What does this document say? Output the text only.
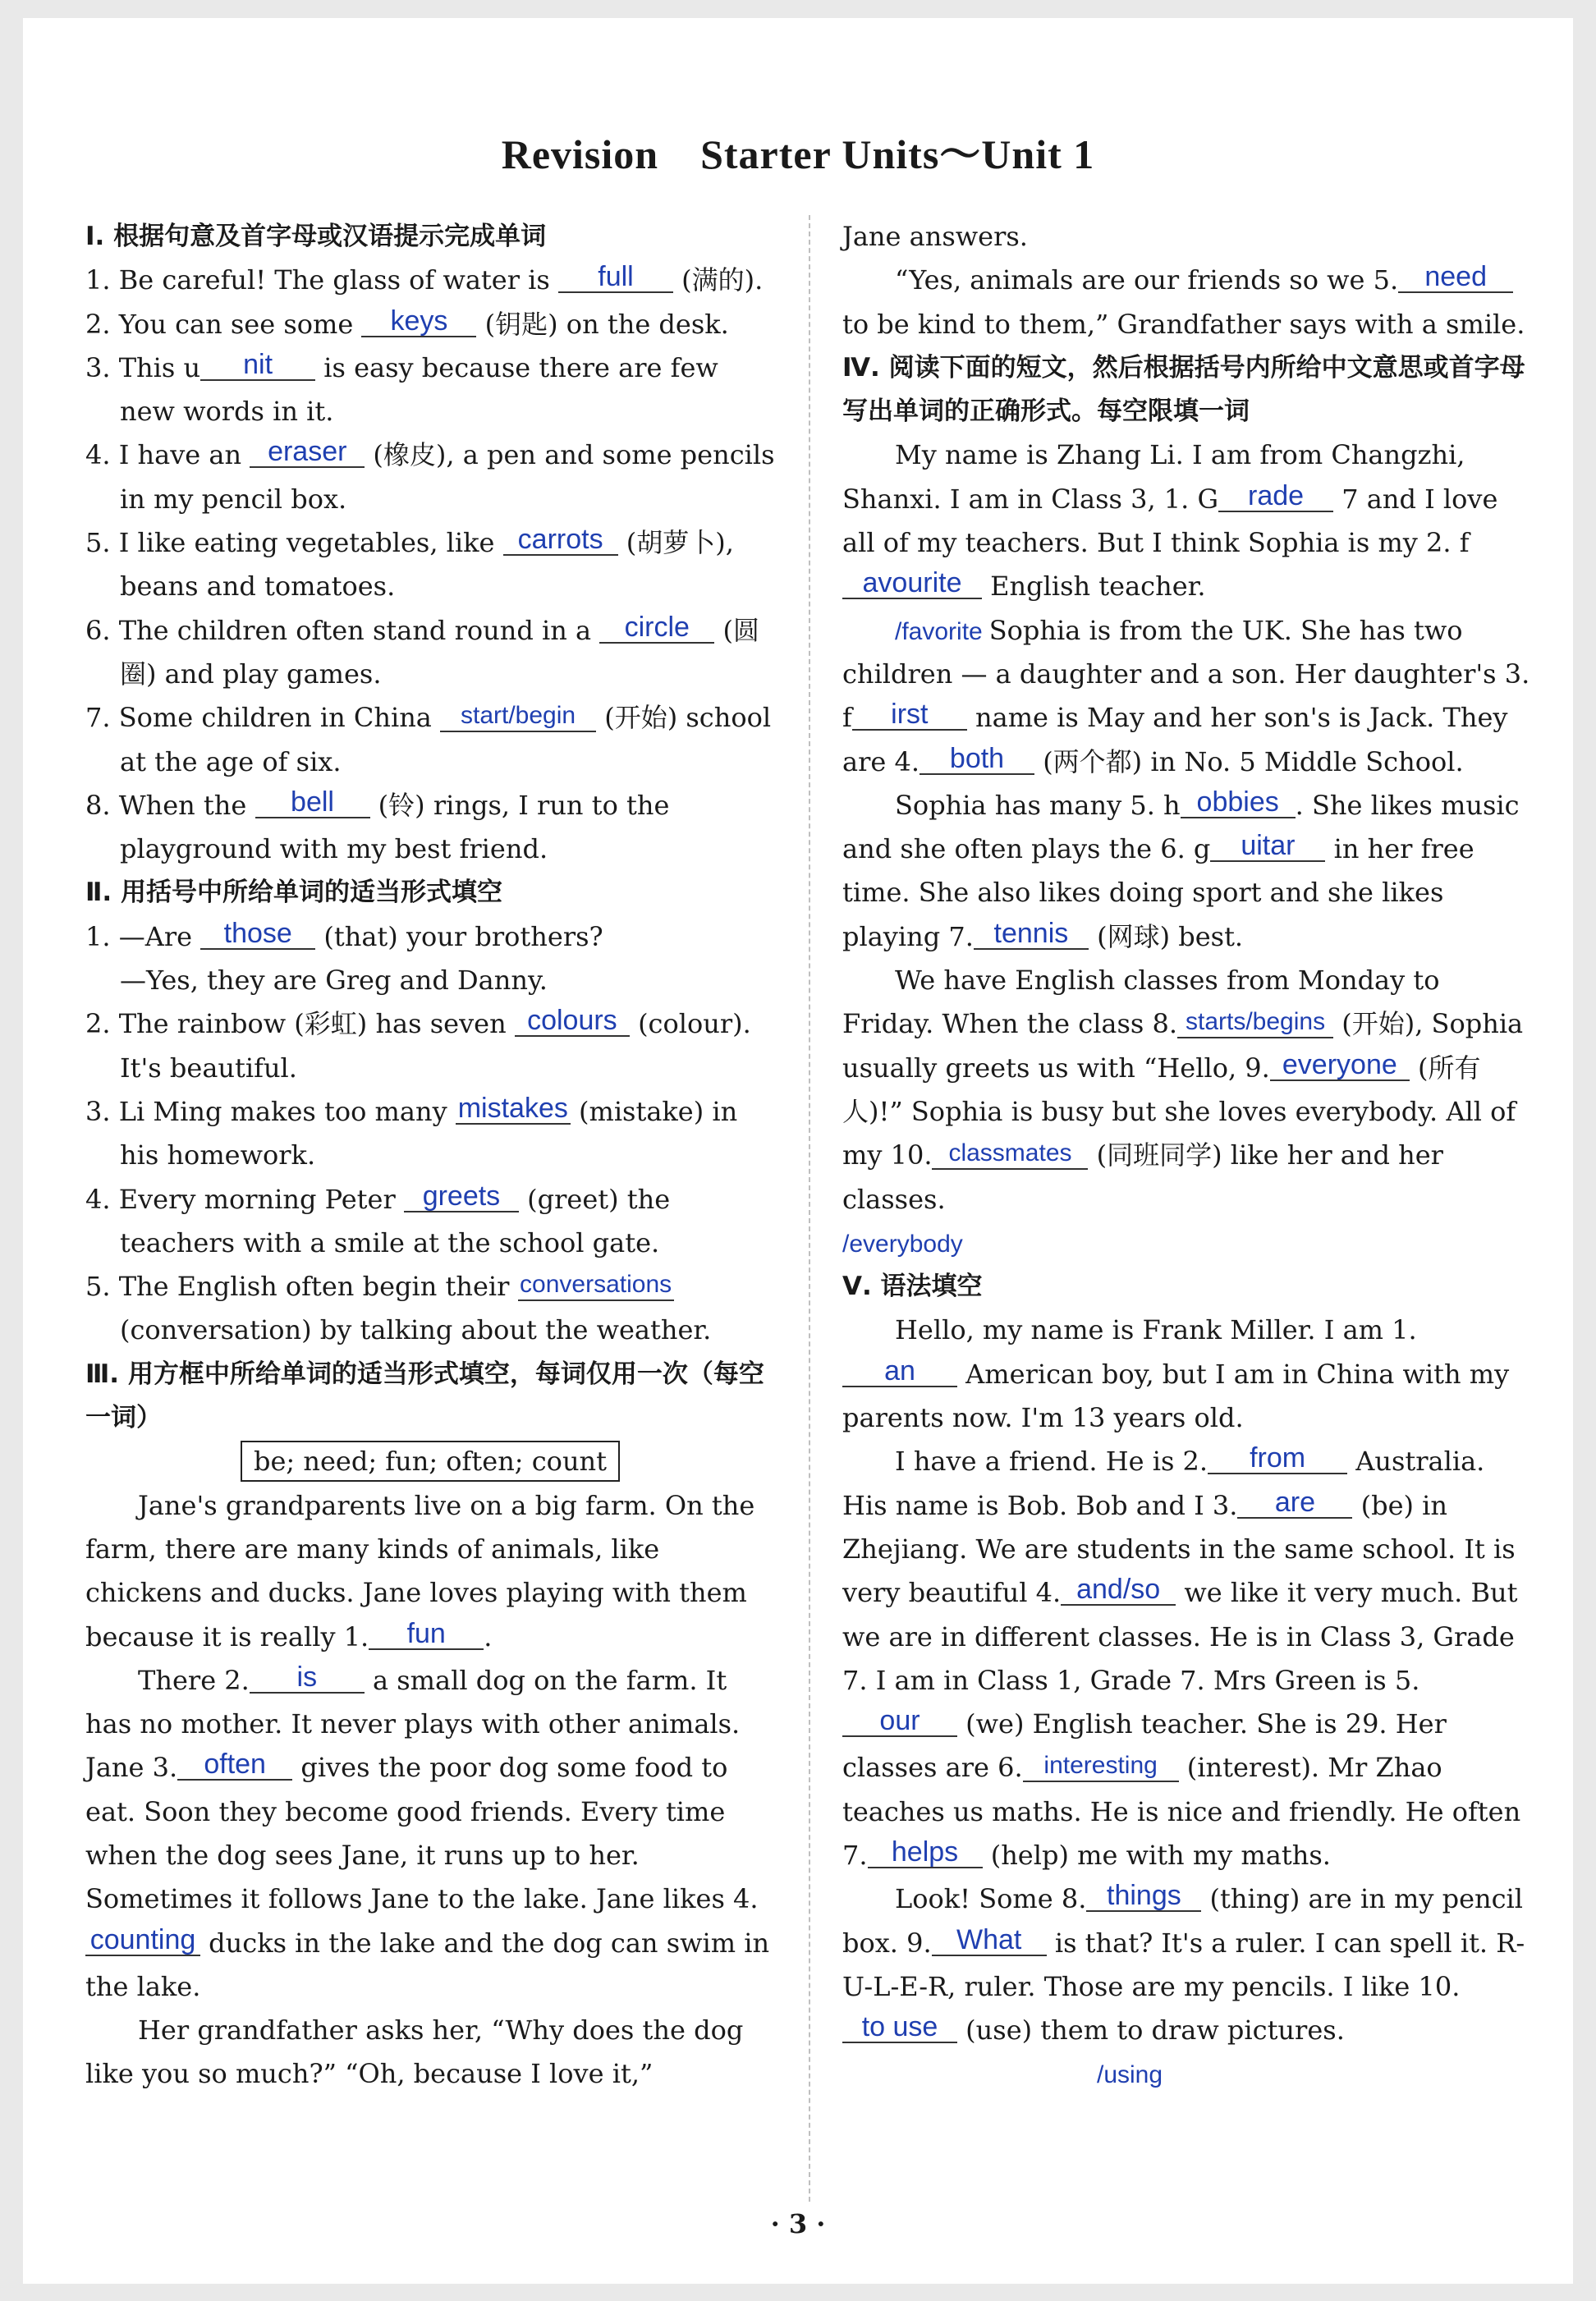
Revision　Starter Units～Unit 1

Ⅰ. 根据句意及首字母或汉语提示完成单词

1. Be careful! The glass of water is full (满的).

2. You can see some keys (钥匙) on the desk.

3. This u nit is easy because there are few new words in it.

4. I have an eraser (橡皮), a pen and some pencils in my pencil box.

5. I like eating vegetables, like carrots (胡萝卜), beans and tomatoes.

6. The children often stand round in a circle (圆圈) and play games.

7. Some children in China start/begin (开始) school at the age of six.

8. When the bell (铃) rings, I run to the playground with my best friend.

Ⅱ. 用括号中所给单词的适当形式填空

1. —Are those (that) your brothers?

—Yes, they are Greg and Danny.

2. The rainbow (彩虹) has seven colours (colour). It's beautiful.

3. Li Ming makes too many mistakes (mistake) in his homework.

4. Every morning Peter greets (greet) the teachers with a smile at the school gate.

5. The English often begin their conversations (conversation) by talking about the weather.

Ⅲ. 用方框中所给单词的适当形式填空，每词仅用一次（每空一词）

be; need; fun; often; count

Jane's grandparents live on a big farm. On the farm, there are many kinds of animals, like chickens and ducks. Jane loves playing with them because it is really 1. fun .

There 2. is a small dog on the farm. It has no mother. It never plays with other animals. Jane 3. often gives the poor dog some food to eat. Soon they become good friends. Every time when the dog sees Jane, it runs up to her. Sometimes it follows Jane to the lake. Jane likes 4.counting ducks in the lake and the dog can swim in the lake.

Her grandfather asks her, “Why does the dog like you so much?” “Oh, because I love it,”

Jane answers.

“Yes, animals are our friends so we 5. need to be kind to them,” Grandfather says with a smile.

Ⅳ. 阅读下面的短文，然后根据括号内所给中文意思或首字母写出单词的正确形式。每空限填一词

My name is Zhang Li. I am from Changzhi, Shanxi. I am in Class 3, 1. G rade 7 and I love all of my teachers. But I think Sophia is my 2. favourite English teacher.

/favorite Sophia is from the UK. She has two children — a daughter and a son. Her daughter's 3. f irst name is May and her son's is Jack. They are 4. both (两个都) in No. 5 Middle School.

Sophia has many 5. h obbies . She likes music and she often plays the 6. g uitar in her free time. She also likes doing sport and she likes playing 7. tennis (网球) best.

We have English classes from Monday to Friday. When the class 8. starts/begins (开始), Sophia usually greets us with “Hello, 9. everyone (所有人)!” Sophia is busy but she loves everybody. All of my 10. classmates (同班同学) like her and her classes.

/everybody

Ⅴ. 语法填空

Hello, my name is Frank Miller. I am 1.an American boy, but I am in China with my parents now. I'm 13 years old.

I have a friend. He is 2. from Australia. His name is Bob. Bob and I 3. are (be) in Zhejiang. We are students in the same school. It is very beautiful 4. and/so we like it very much. But we are in different classes. He is in Class 3, Grade 7. I am in Class 1, Grade 7. Mrs Green is 5.our (we) English teacher. She is 29. Her classes are 6. interesting (interest). Mr Zhao teaches us maths. He is nice and friendly. He often 7. helps (help) me with my maths.

Look! Some 8. things (thing) are in my pencil box. 9. What is that? It's a ruler. I can spell it. R-U-L-E-R, ruler. Those are my pencils. I like 10.to use (use) them to draw pictures.

/using

· 3 ·
